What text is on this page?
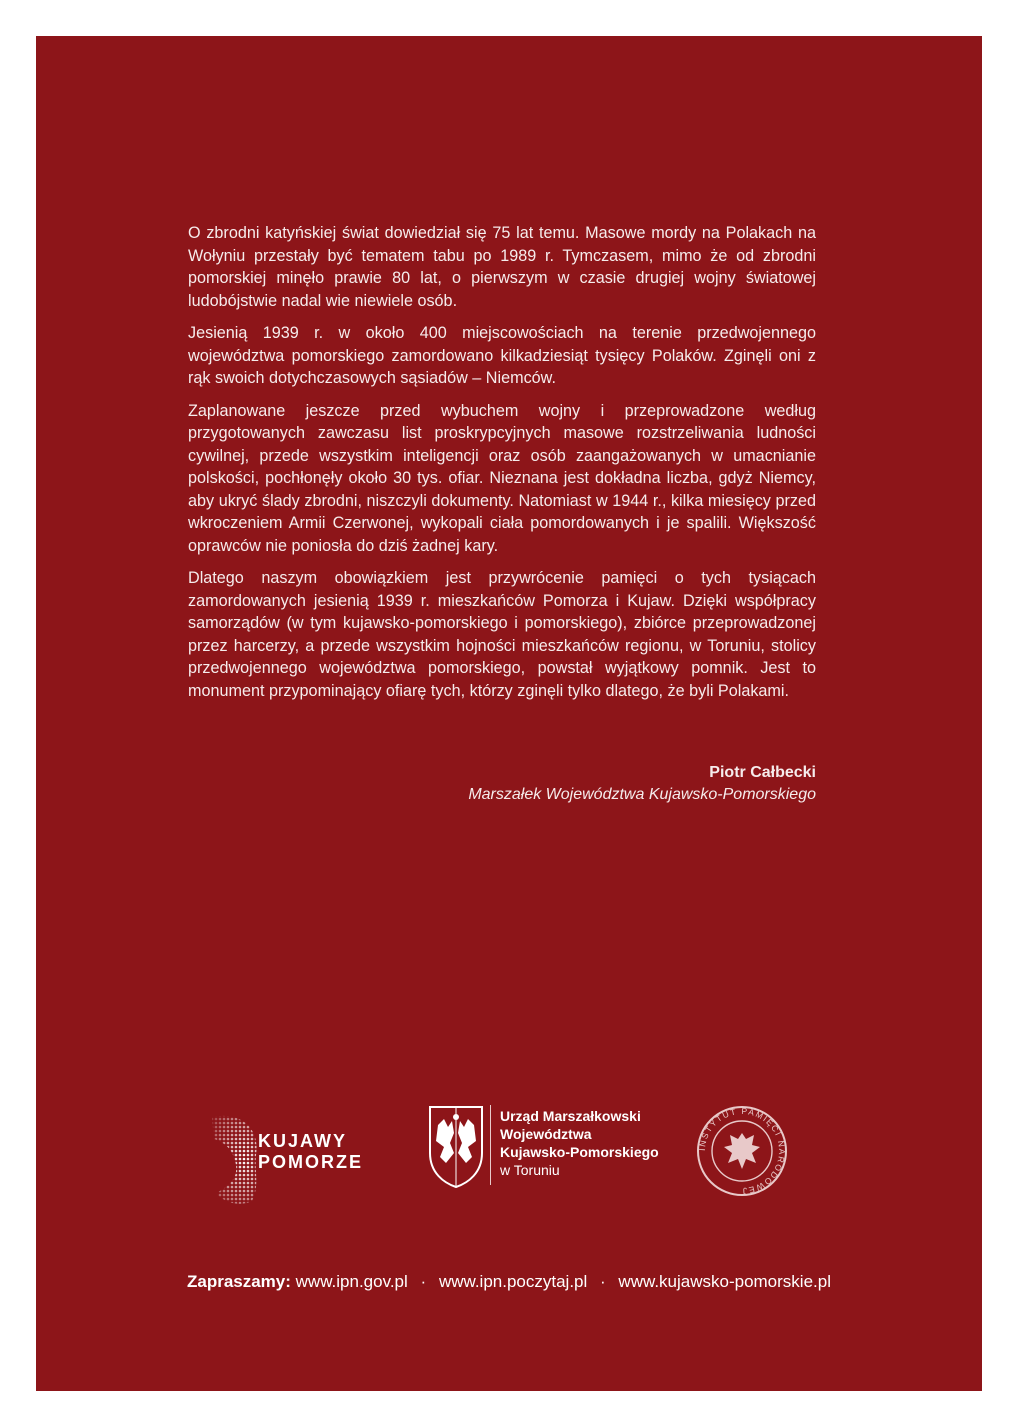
O zbrodni katyńskiej świat dowiedział się 75 lat temu. Masowe mordy na Polakach na Wołyniu przestały być tematem tabu po 1989 r. Tymczasem, mimo że od zbrodni pomorskiej minęło prawie 80 lat, o pierwszym w czasie drugiej wojny światowej ludobójstwie nadal wie niewiele osób.

Jesienią 1939 r. w około 400 miejscowościach na terenie przedwojennego województwa pomorskiego zamordowano kilkadziesiąt tysięcy Polaków. Zginęli oni z rąk swoich dotychczasowych sąsiadów – Niemców.

Zaplanowane jeszcze przed wybuchem wojny i przeprowadzone według przygotowanych zawczasu list proskrypcyjnych masowe rozstrzeliwania ludności cywilnej, przede wszystkim inteligencji oraz osób zaangażowanych w umacnianie polskości, pochłonęły około 30 tys. ofiar. Nieznana jest dokładna liczba, gdyż Niemcy, aby ukryć ślady zbrodni, niszczyli dokumenty. Natomiast w 1944 r., kilka miesięcy przed wkroczeniem Armii Czerwonej, wykopali ciała pomordowanych i je spalili. Większość oprawców nie poniosła do dziś żadnej kary.

Dlatego naszym obowiązkiem jest przywrócenie pamięci o tych tysiącach zamordowanych jesienią 1939 r. mieszkańców Pomorza i Kujaw. Dzięki współpracy samorządów (w tym kujawsko-pomorskiego i pomorskiego), zbiórce przeprowadzonej przez harcerzy, a przede wszystkim hojności mieszkańców regionu, w Toruniu, stolicy przedwojennego województwa pomorskiego, powstał wyjątkowy pomnik. Jest to monument przypominający ofiarę tych, którzy zginęli tylko dlatego, że byli Polakami.

Piotr Całbecki
Marszałek Województwa Kujawsko-Pomorskiego
KUJAWY
POMORZE
Urząd Marszałkowski
Województwa
Kujawsko-Pomorskiego
w Toruniu
INSTYTUT PAMIĘCI NARODOWEJ
Zapraszamy: www.ipn.gov.pl · www.ipn.poczytaj.pl · www.kujawsko-pomorskie.pl
